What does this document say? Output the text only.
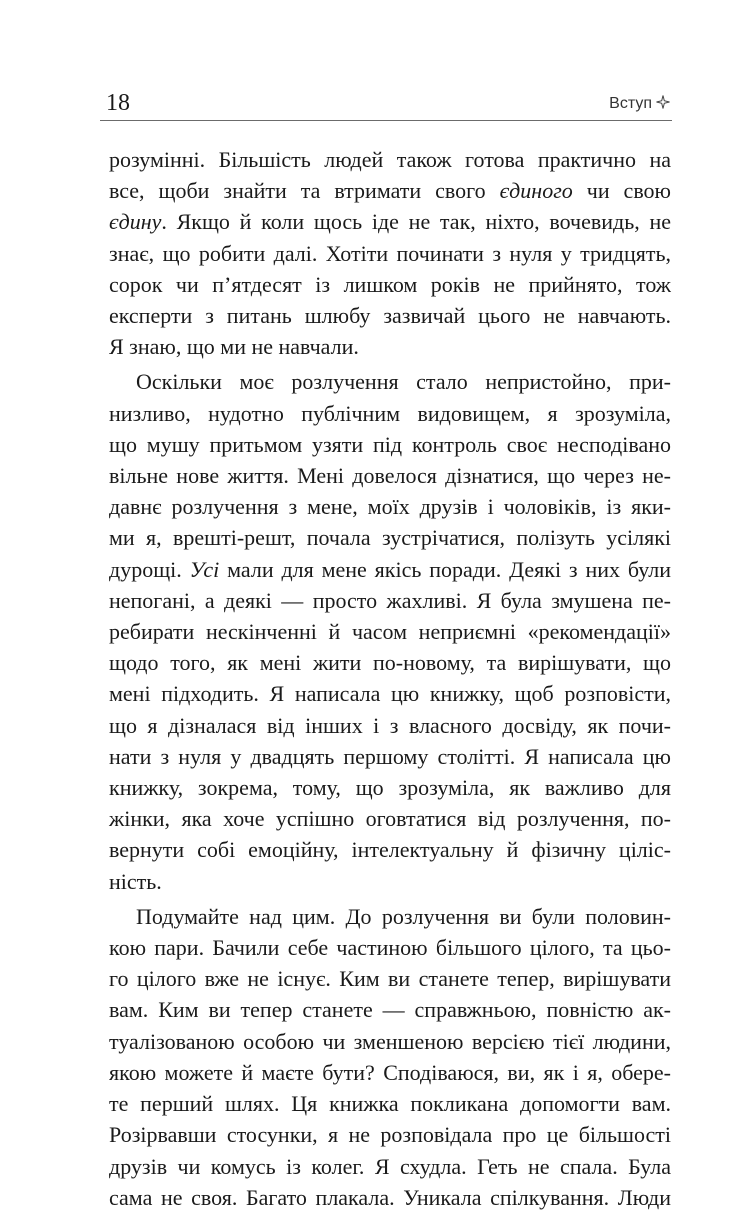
18	Вступ
розумінні. Більшість людей також готова практично на
все, щоби знайти та втримати свого єдиного чи свою
єдину. Якщо й коли щось іде не так, ніхто, вочевидь, не
знає, що робити далі. Хотіти починати з нуля у тридцять,
сорок чи п’ятдесят із лишком років не прийнято, тож
експерти з питань шлюбу зазвичай цього не навчають.
Я знаю, що ми не навчали.
Оскільки моє розлучення стало непристойно, при-
низливо, нудотно публічним видовищем, я зрозуміла,
що мушу притьмом узяти під контроль своє несподівано
вільне нове життя. Мені довелося дізнатися, що через не-
давнє розлучення з мене, моїх друзів і чоловіків, із яки-
ми я, врешті-решт, почала зустрічатися, полізуть усілякі
дурощі. Усі мали для мене якісь поради. Деякі з них були
непогані, а деякі — просто жахливі. Я була змушена пе-
ребирати нескінченні й часом неприємні «рекомендації»
щодо того, як мені жити по-новому, та вирішувати, що
мені підходить. Я написала цю книжку, щоб розповісти,
що я дізналася від інших і з власного досвіду, як почи-
нати з нуля у двадцять першому столітті. Я написала цю
книжку, зокрема, тому, що зрозуміла, як важливо для
жінки, яка хоче успішно оговтатися від розлучення, по-
вернути собі емоційну, інтелектуальну й фізичну ціліс-
ність.
Подумайте над цим. До розлучення ви були половин-
кою пари. Бачили себе частиною більшого цілого, та цьо-
го цілого вже не існує. Ким ви станете тепер, вирішувати
вам. Ким ви тепер станете — справжньою, повністю ак-
туалізованою особою чи зменшеною версією тієї людини,
якою можете й маєте бути? Сподіваюся, ви, як і я, обере-
те перший шлях. Ця книжка покликана допомогти вам.
Розірвавши стосунки, я не розповідала про це більшості
друзів чи комусь із колег. Я схудла. Геть не спала. Була
сама не своя. Багато плакала. Уникала спілкування. Люди
